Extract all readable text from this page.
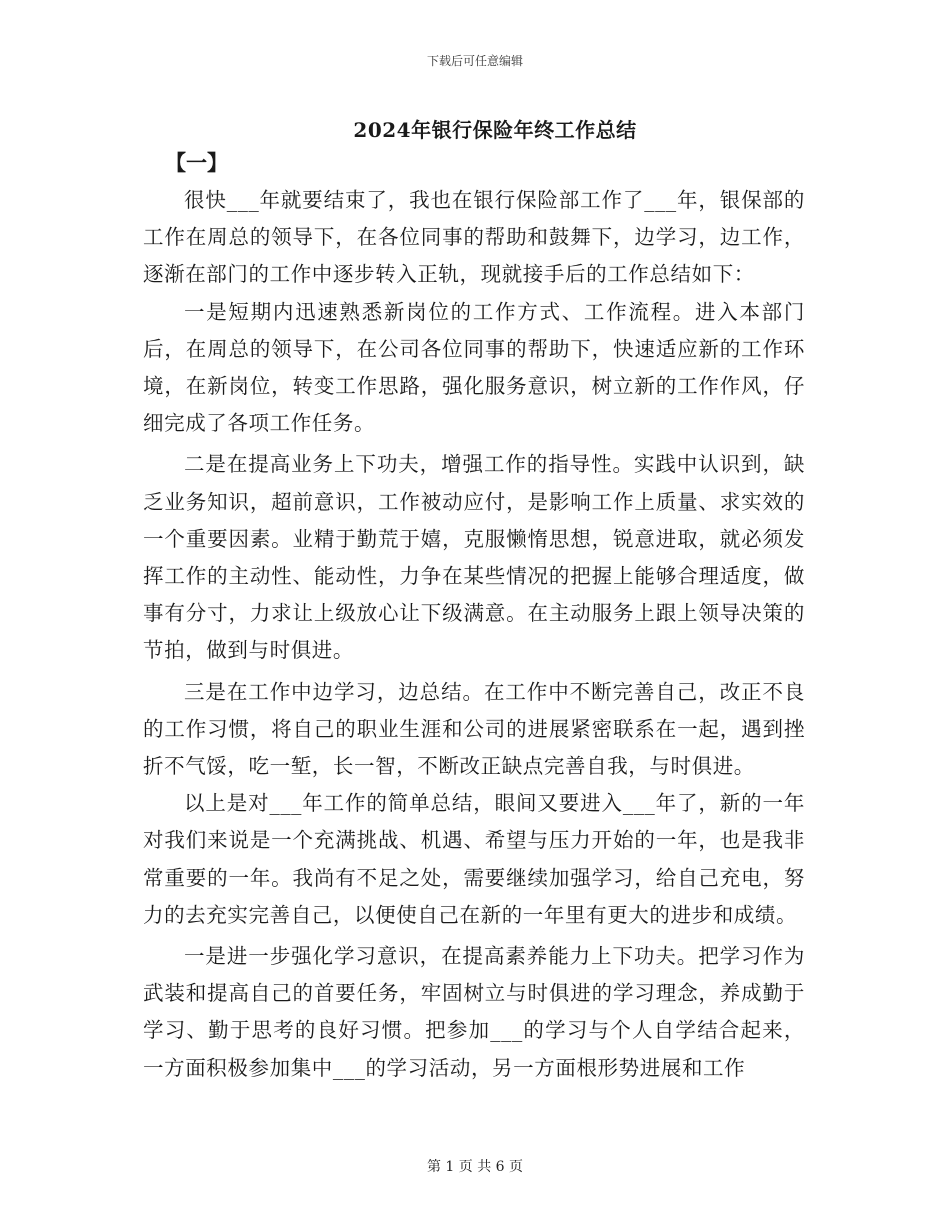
下载后可任意编辑
2024年银行保险年终工作总结
【一】

很快___年就要结束了，我也在银行保险部工作了___年，银保部的工作在周总的领导下，在各位同事的帮助和鼓舞下，边学习，边工作，逐渐在部门的工作中逐步转入正轨，现就接手后的工作总结如下：

一是短期内迅速熟悉新岗位的工作方式、工作流程。进入本部门后，在周总的领导下，在公司各位同事的帮助下，快速适应新的工作环境，在新岗位，转变工作思路，强化服务意识，树立新的工作作风，仔细完成了各项工作任务。

二是在提高业务上下功夫，增强工作的指导性。实践中认识到，缺乏业务知识，超前意识，工作被动应付，是影响工作上质量、求实效的一个重要因素。业精于勤荒于嬉，克服懒惰思想，锐意进取，就必须发挥工作的主动性、能动性，力争在某些情况的把握上能够合理适度，做事有分寸，力求让上级放心让下级满意。在主动服务上跟上领导决策的节拍，做到与时俱进。

三是在工作中边学习，边总结。在工作中不断完善自己，改正不良的工作习惯，将自己的职业生涯和公司的进展紧密联系在一起，遇到挫折不气馁，吃一堑，长一智，不断改正缺点完善自我，与时俱进。

以上是对___年工作的简单总结，眼间又要进入___年了，新的一年对我们来说是一个充满挑战、机遇、希望与压力开始的一年，也是我非常重要的一年。我尚有不足之处，需要继续加强学习，给自己充电，努力的去充实完善自己，以便使自己在新的一年里有更大的进步和成绩。

一是进一步强化学习意识，在提高素养能力上下功夫。把学习作为武装和提高自己的首要任务，牢固树立与时俱进的学习理念，养成勤于学习、勤于思考的良好习惯。把参加___的学习与个人自学结合起来，一方面积极参加集中___的学习活动，另一方面根形势进展和工作

第 1 页 共 6 页
